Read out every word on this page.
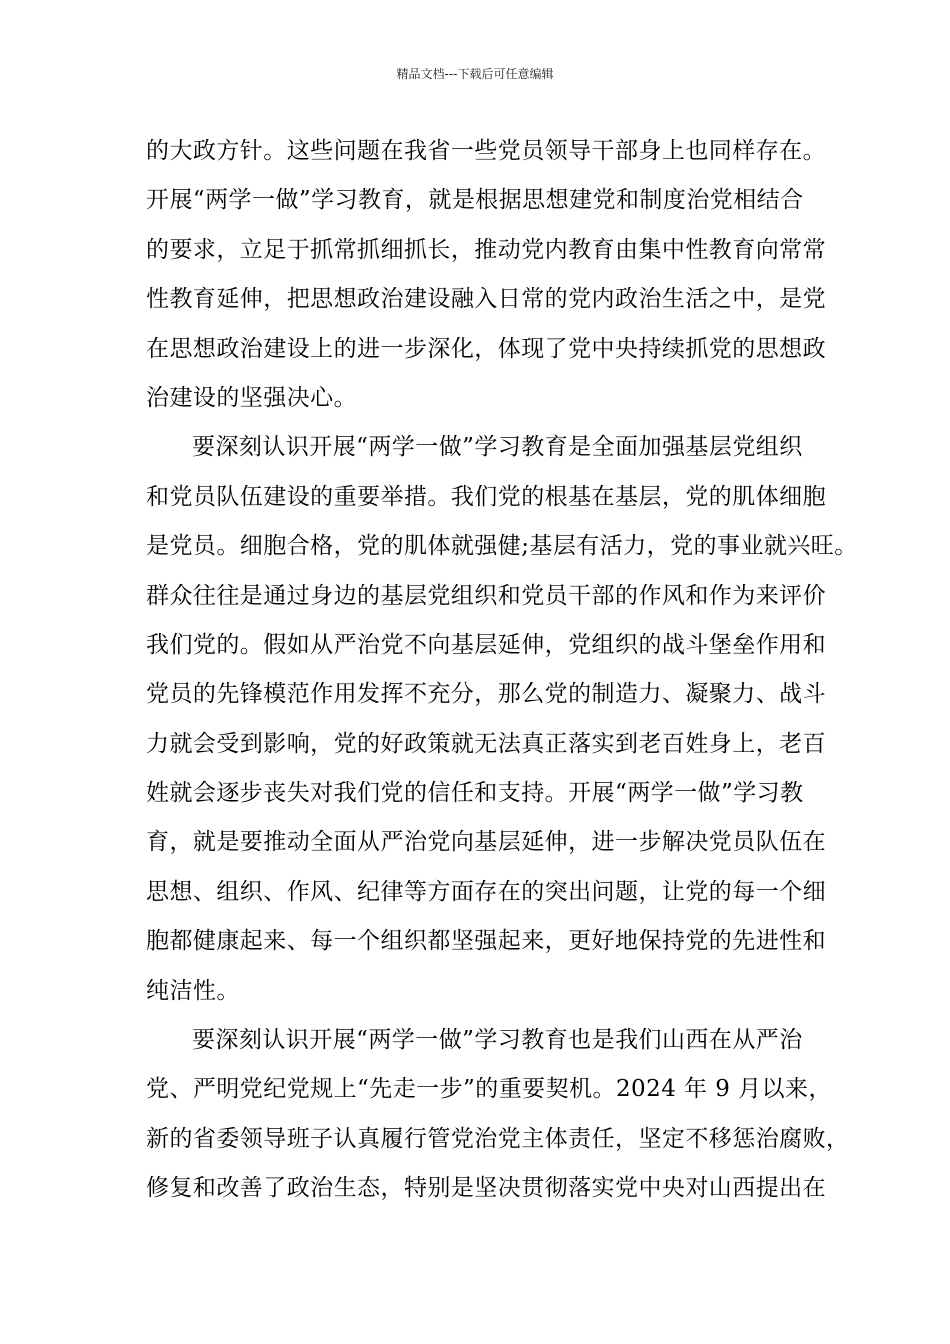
精品文档---下载后可任意编辑
的大政方针。这些问题在我省一些党员领导干部身上也同样存在。
开展“两学一做”学习教育，就是根据思想建党和制度治党相结合
的要求，立足于抓常抓细抓长，推动党内教育由集中性教育向常常
性教育延伸，把思想政治建设融入日常的党内政治生活之中，是党
在思想政治建设上的进一步深化，体现了党中央持续抓党的思想政
治建设的坚强决心。
要深刻认识开展“两学一做”学习教育是全面加强基层党组织
和党员队伍建设的重要举措。我们党的根基在基层，党的肌体细胞
是党员。细胞合格，党的肌体就强健;基层有活力，党的事业就兴旺。
群众往往是通过身边的基层党组织和党员干部的作风和作为来评价
我们党的。假如从严治党不向基层延伸，党组织的战斗堡垒作用和
党员的先锋模范作用发挥不充分，那么党的制造力、凝聚力、战斗
力就会受到影响，党的好政策就无法真正落实到老百姓身上，老百
姓就会逐步丧失对我们党的信任和支持。开展“两学一做”学习教
育，就是要推动全面从严治党向基层延伸，进一步解决党员队伍在
思想、组织、作风、纪律等方面存在的突出问题，让党的每一个细
胞都健康起来、每一个组织都坚强起来，更好地保持党的先进性和
纯洁性。
要深刻认识开展“两学一做”学习教育也是我们山西在从严治
党、严明党纪党规上“先走一步”的重要契机。2024 年 9 月以来，
新的省委领导班子认真履行管党治党主体责任，坚定不移惩治腐败，
修复和改善了政治生态，特别是坚决贯彻落实党中央对山西提出在
